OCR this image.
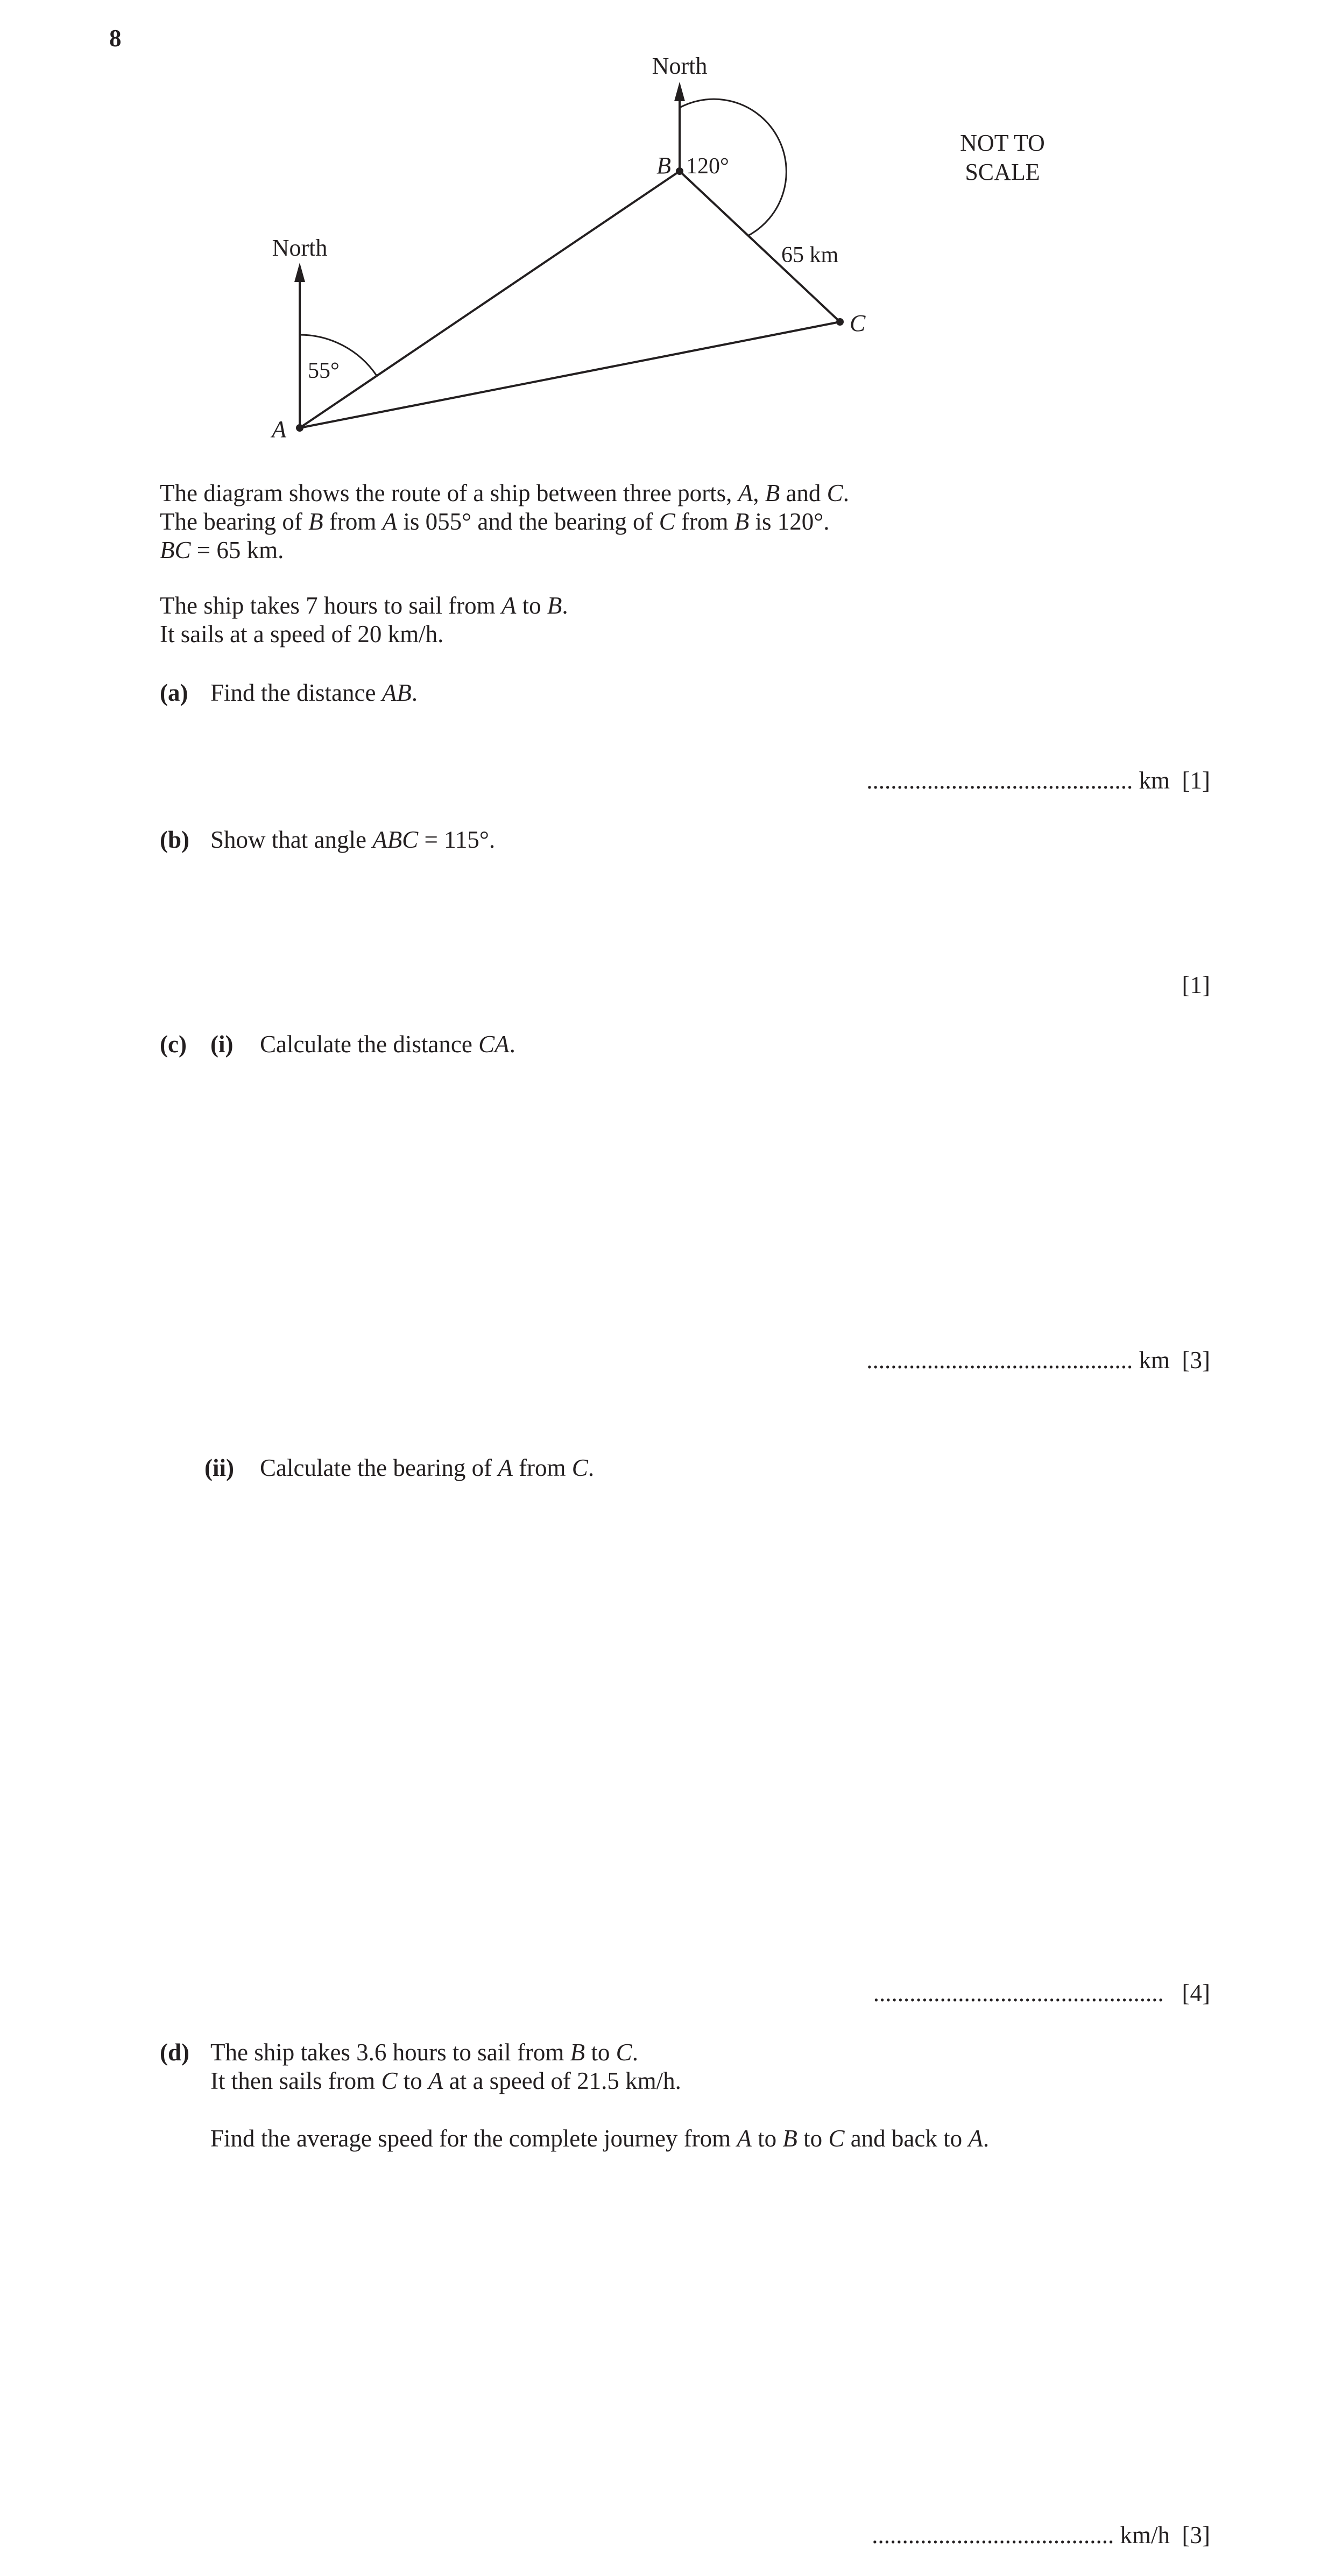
8
North
North
A
B
C
55°
120°
65 km
NOT TO
SCALE
The diagram shows the route of a ship between three ports, A, B and C.
The bearing of B from A is 055° and the bearing of C from B is 120°.
BC = 65 km.
The ship takes 7 hours to sail from A to B.
It sails at a speed of 20 km/h.
(a) Find the distance AB.
............................................ km [1]
(b) Show that angle ABC = 115°.
[1]
(c) (i) Calculate the distance CA.
............................................ km [3]
(ii) Calculate the bearing of A from C.
................................................ [4]
(d) The ship takes 3.6 hours to sail from B to C.
It then sails from C to A at a speed of 21.5 km/h.
Find the average speed for the complete journey from A to B to C and back to A.
........................................ km/h [3]
